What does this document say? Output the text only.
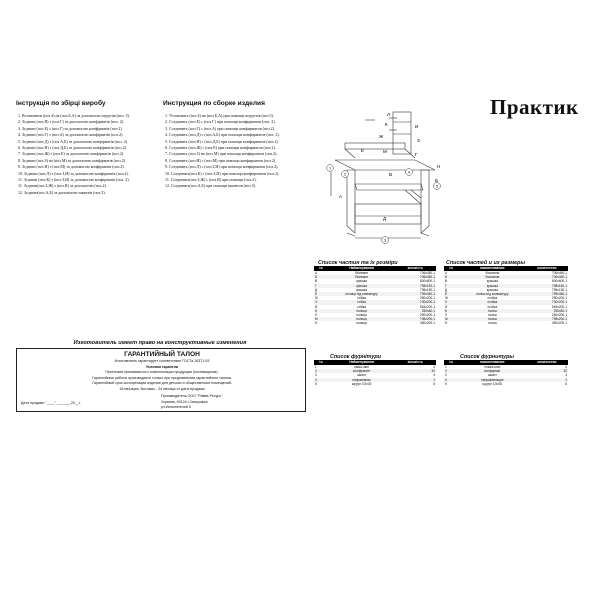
Інструкція по збірці виробу
1. Встановити (поз.4) на (поз.Б,А) за допомогою шурупів (поз. 5).
2. Зєднати (поз.В) з (поз.Г) за допомогою конфірматів (поз. 2).
3. Зєднати (поз.Б) з (поз.Г) за допомогою конфірматів (поз.2).
4. Зєднати (поз.Г) з (поз.А) за допомогою конфірматів (поз.2).
5. Зєднати (поз.Д) з (поз.А,Б) за допомогою конфірматів (поз. 2).
6. Зєднати (поз.Н) з (поз.Д,Б) за допомогою конфірматів (поз.2).
7. Зєднати (поз.Ж) з (поз.Е) за допомогою конфірматів (поз.2).
8. Зєднати (поз.З) на (поз.М) за допомогою конфірматів (поз.2).
9. Зєднати (поз.Н) з (поз.М) за допомогою конфірматів (поз.2).
10. Зєднати (поз.Л) з (поз.З,И) за допомогою конфірматів (поз.2).
11. Зєднати (поз.К) з (поз.З,И) за допомогою конфірматів (поз. 2).
11. Зєднати(поз.З,Ж) з (поз.В) за допомогою (поз.2).
12. Зєднати(поз.А,Б) за допомогою шкантів (поз.3).
Инструкция по сборке изделия
1. Установить (поз.4) на (поз.Б,А) при помощи шурупов (поз.5).
2. Соединить (поз.Е) с (поз.Г) при помощи конфирматов (поз. 2).
3. Соединить (поз.Г) с (поз.А) при помощи конфирматов (поз.2).
4. Соединить (поз.Д) с (поз.А,Б) при помощи конфирматов (поз. 2).
5. Соединить (поз.Н) с (поз.Д,Б) при помощи конфирматов (поз.2).
6. Соединить (поз.Ж) с (поз.Е) при помощи конфирматов (поз.2).
7. Соединить (поз.З) на (поз.М) при помощи конфирматов (поз.2).
8. Соединить (поз.Н) с (поз.М) при помощи конфирматов (поз.2).
9. Соединить (поз.Л) с (поз.З,И) при помощи конфирматов (поз.2).
10. Соединить(поз.К) с (поз.З,И) при помощи конфирматов (поз.2).
11. Соединить(поз.З,Ж) с (поз.В) при помощи (поз.2).
12. Соединить(поз.А,Б) при помощи шкантов (поз.3).
Практик
Л
К	И
З
Ж
Е	М
Г
Н
Б
А
Д
В
1
2
3
4
5
Список частин та іх розміри
№	Найменування	кількість
А	бічевини	706x450-1
Б	бічевини	706x450-1
В	кришка	800x600-1
Г	кришка	798x150-1
Д	кришка	798x150-1
Е	полиця під клавіатуру	799x450-1
Ж	стійка	280x200-1
З	стійка	700x200-1
И	стійка	564x200-1
К	полиця	250x82-1
Л	полиця	250x200-1
М	полиця	798x200-1
Н	полиця	450x200-1
Список частей и их размеры
№	наименование	количество
А	боковина	706x450-1
Б	боковина	706x450-1
В	крышка	800x600-1
Г	крышка	798x150-1
Д	крышка	798x150-1
Е	полка под клавиатуру	799x450-1
Ж	стойка	280x200-1
З	стойка	700x200-1
И	стойка	564x200-1
К	полка	250x82-1
Л	полка	250x200-1
М	полка	798x200-1
Н	полка	450x200-1
Список фурнітури
№	Найменування	кількість
1	ніжка-шип	4
2	конфірмант	32
3	шкант	4
4	направляючі	1
5	шуруп 3,5х30	6
Список фурнитуры
№	наименование	количество
1	ножка-шип	4
2	конфирмат	32
3	шкант	4
4	направляющие	1
5	шуруп 3,5х30	6
Изготовитель имеет право на конструктивные изменения
ГАРАНТИЙНЫЙ ТАЛОН
Изготовитель гарантирует соответствие ГОСТа 16371-93
Условия гарантии
Претензии принимаются к комплектации продукции (поставщиком).
Гарантийные работы производятся только при предъявлении гарантийного талона.
Гарантийный срок эксплуатации изделия для детских и общественных помещений-
18 месяцев, бытовых - 24 месяца от даты продажи
Дата продажи "____" _______20__г.
Производитель ООО "Ривва-Ресурс"
Украина, 69124 г.Запорожье
ул.Испытателей 5
